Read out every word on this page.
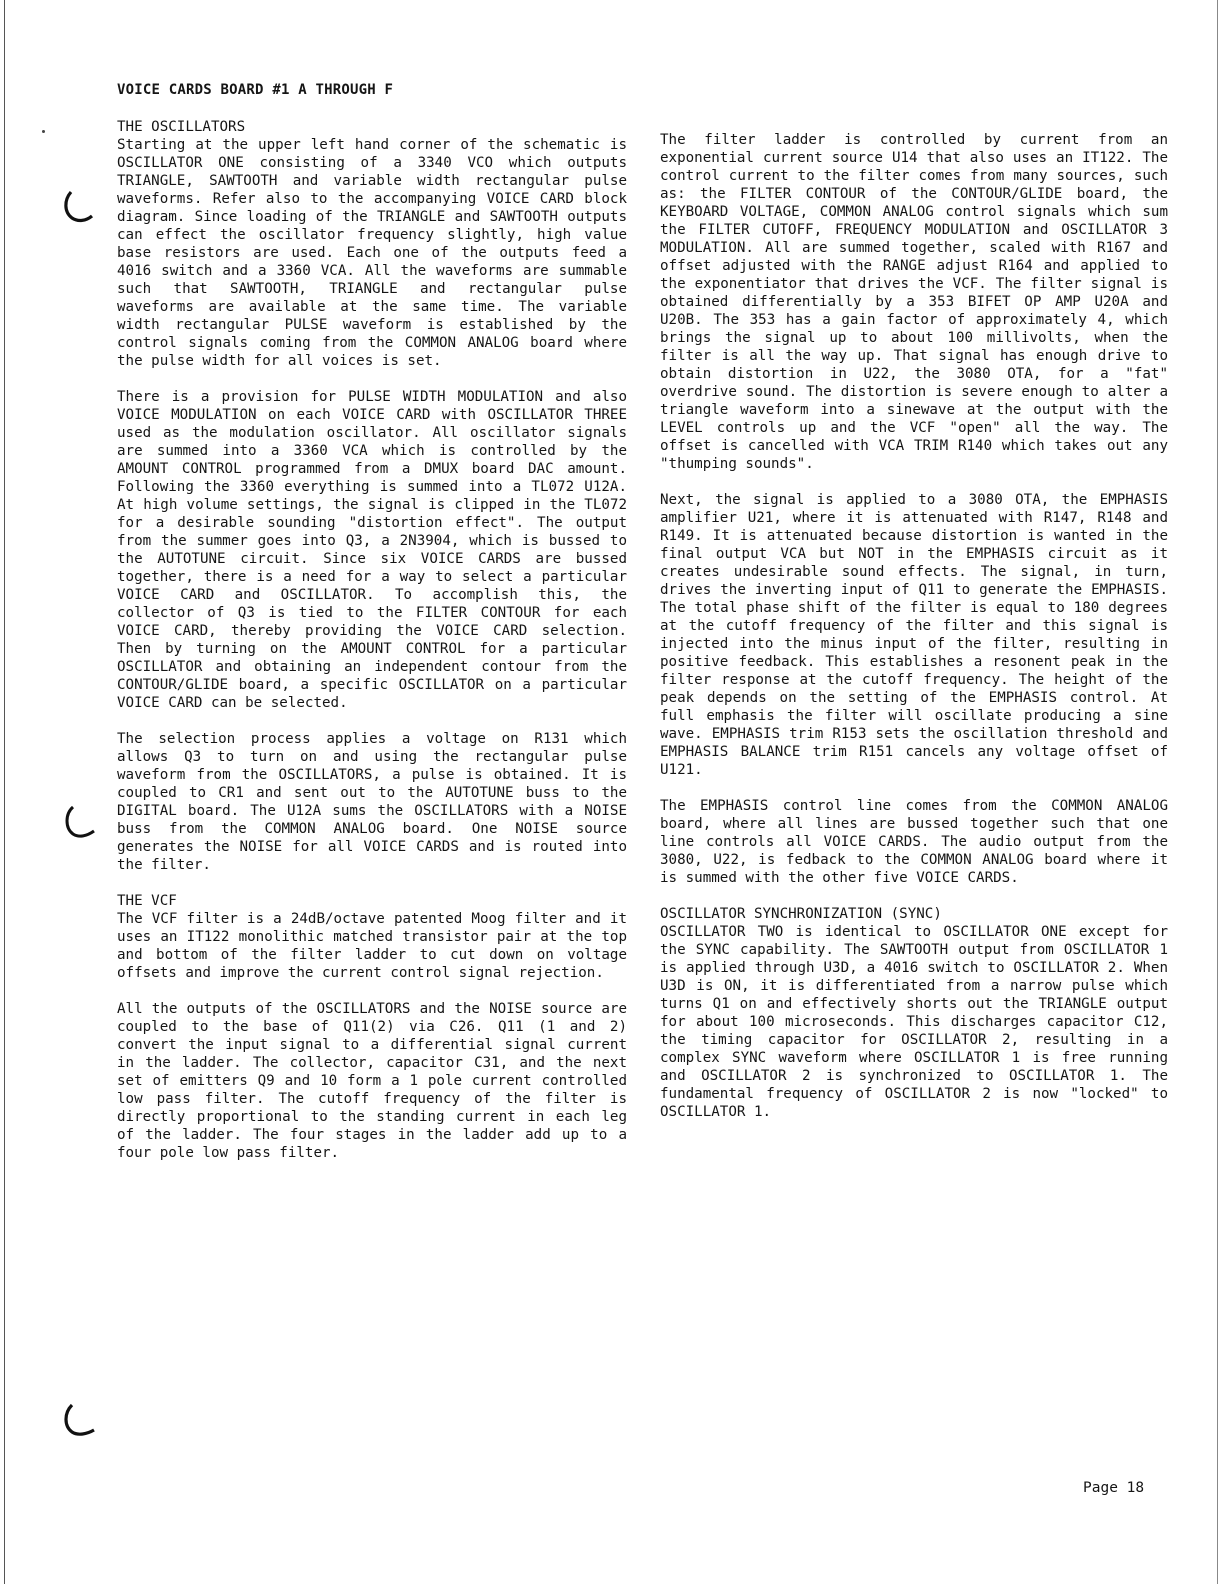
VOICE CARDS BOARD #1 A THROUGH F

THE OSCILLATORS
Starting at the upper left hand corner of the schematic is OSCILLATOR ONE consisting of a 3340 VCO which outputs TRIANGLE, SAWTOOTH and variable width rectangular pulse waveforms. Refer also to the accompanying VOICE CARD block diagram. Since loading of the TRIANGLE and SAWTOOTH outputs can effect the oscillator frequency slightly, high value base resistors are used. Each one of the outputs feed a 4016 switch and a 3360 VCA. All the waveforms are summable such that SAWTOOTH, TRIANGLE and rectangular pulse waveforms are available at the same time. The variable width rectangular PULSE waveform is established by the control signals coming from the COMMON ANALOG board where the pulse width for all voices is set.

There is a provision for PULSE WIDTH MODULATION and also VOICE MODULATION on each VOICE CARD with OSCILLATOR THREE used as the modulation oscillator. All oscillator signals are summed into a 3360 VCA which is controlled by the AMOUNT CONTROL programmed from a DMUX board DAC amount. Following the 3360 everything is summed into a TL072 U12A. At high volume settings, the signal is clipped in the TL072 for a desirable sounding "distortion effect". The output from the summer goes into Q3, a 2N3904, which is bussed to the AUTOTUNE circuit. Since six VOICE CARDS are bussed together, there is a need for a way to select a particular VOICE CARD and OSCILLATOR. To accomplish this, the collector of Q3 is tied to the FILTER CONTOUR for each VOICE CARD, thereby providing the VOICE CARD selection. Then by turning on the AMOUNT CONTROL for a particular OSCILLATOR and obtaining an independent contour from the CONTOUR/GLIDE board, a specific OSCILLATOR on a particular VOICE CARD can be selected.

The selection process applies a voltage on R131 which allows Q3 to turn on and using the rectangular pulse waveform from the OSCILLATORS, a pulse is obtained. It is coupled to CR1 and sent out to the AUTOTUNE buss to the DIGITAL board. The U12A sums the OSCILLATORS with a NOISE buss from the COMMON ANALOG board. One NOISE source generates the NOISE for all VOICE CARDS and is routed into the filter.

THE VCF
The VCF filter is a 24dB/octave patented Moog filter and it uses an IT122 monolithic matched transistor pair at the top and bottom of the filter ladder to cut down on voltage offsets and improve the current control signal rejection.

All the outputs of the OSCILLATORS and the NOISE source are coupled to the base of Q11(2) via C26. Q11 (1 and 2) convert the input signal to a differential signal current in the ladder. The collector, capacitor C31, and the next set of emitters Q9 and 10 form a 1 pole current controlled low pass filter. The cutoff frequency of the filter is directly proportional to the standing current in each leg of the ladder. The four stages in the ladder add up to a four pole low pass filter.

The filter ladder is controlled by current from an exponential current source U14 that also uses an IT122. The control current to the filter comes from many sources, such as: the FILTER CONTOUR of the CONTOUR/GLIDE board, the KEYBOARD VOLTAGE, COMMON ANALOG control signals which sum the FILTER CUTOFF, FREQUENCY MODULATION and OSCILLATOR 3 MODULATION. All are summed together, scaled with R167 and offset adjusted with the RANGE adjust R164 and applied to the exponentiator that drives the VCF. The filter signal is obtained differentially by a 353 BIFET OP AMP U20A and U20B. The 353 has a gain factor of approximately 4, which brings the signal up to about 100 millivolts, when the filter is all the way up. That signal has enough drive to obtain distortion in U22, the 3080 OTA, for a "fat" overdrive sound. The distortion is severe enough to alter a triangle waveform into a sinewave at the output with the LEVEL controls up and the VCF "open" all the way. The offset is cancelled with VCA TRIM R140 which takes out any "thumping sounds".

Next, the signal is applied to a 3080 OTA, the EMPHASIS amplifier U21, where it is attenuated with R147, R148 and R149. It is attenuated because distortion is wanted in the final output VCA but NOT in the EMPHASIS circuit as it creates undesirable sound effects. The signal, in turn, drives the inverting input of Q11 to generate the EMPHASIS. The total phase shift of the filter is equal to 180 degrees at the cutoff frequency of the filter and this signal is injected into the minus input of the filter, resulting in positive feedback. This establishes a resonent peak in the filter response at the cutoff frequency. The height of the peak depends on the setting of the EMPHASIS control. At full emphasis the filter will oscillate producing a sine wave. EMPHASIS trim R153 sets the oscillation threshold and EMPHASIS BALANCE trim R151 cancels any voltage offset of U121.

The EMPHASIS control line comes from the COMMON ANALOG board, where all lines are bussed together such that one line controls all VOICE CARDS. The audio output from the 3080, U22, is fedback to the COMMON ANALOG board where it is summed with the other five VOICE CARDS.

OSCILLATOR SYNCHRONIZATION (SYNC)
OSCILLATOR TWO is identical to OSCILLATOR ONE except for the SYNC capability. The SAWTOOTH output from OSCILLATOR 1 is applied through U3D, a 4016 switch to OSCILLATOR 2. When U3D is ON, it is differentiated from a narrow pulse which turns Q1 on and effectively shorts out the TRIANGLE output for about 100 microseconds. This discharges capacitor C12, the timing capacitor for OSCILLATOR 2, resulting in a complex SYNC waveform where OSCILLATOR 1 is free running and OSCILLATOR 2 is synchronized to OSCILLATOR 1. The fundamental frequency of OSCILLATOR 2 is now "locked" to OSCILLATOR 1.

Page 18
